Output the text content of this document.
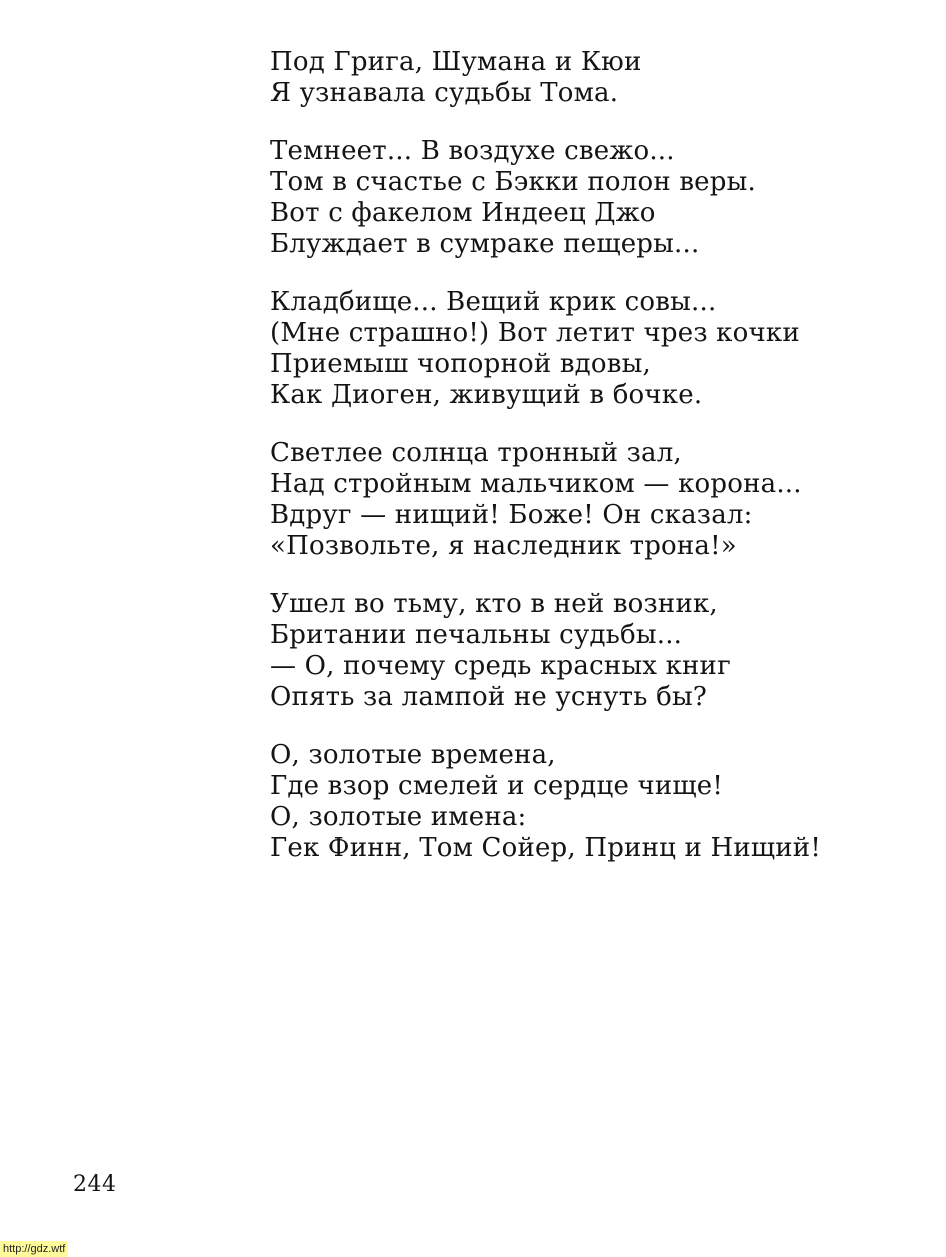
Под Грига, Шумана и Кюи
Я узнавала судьбы Тома.
Темнеет... В воздухе свежо...
Том в счастье с Бэкки полон веры.
Вот с факелом Индеец Джо
Блуждает в сумраке пещеры...
Кладбище... Вещий крик совы...
(Мне страшно!) Вот летит чрез кочки
Приемыш чопорной вдовы,
Как Диоген, живущий в бочке.
Светлее солнца тронный зал,
Над стройным мальчиком — корона...
Вдруг — нищий! Боже! Он сказал:
«Позвольте, я наследник трона!»
Ушел во тьму, кто в ней возник,
Британии печальны судьбы...
— О, почему средь красных книг
Опять за лампой не уснуть бы?
О, золотые времена,
Где взор смелей и сердце чище!
О, золотые имена:
Гек Финн, Том Сойер, Принц и Нищий!
244
http://gdz.wtf
